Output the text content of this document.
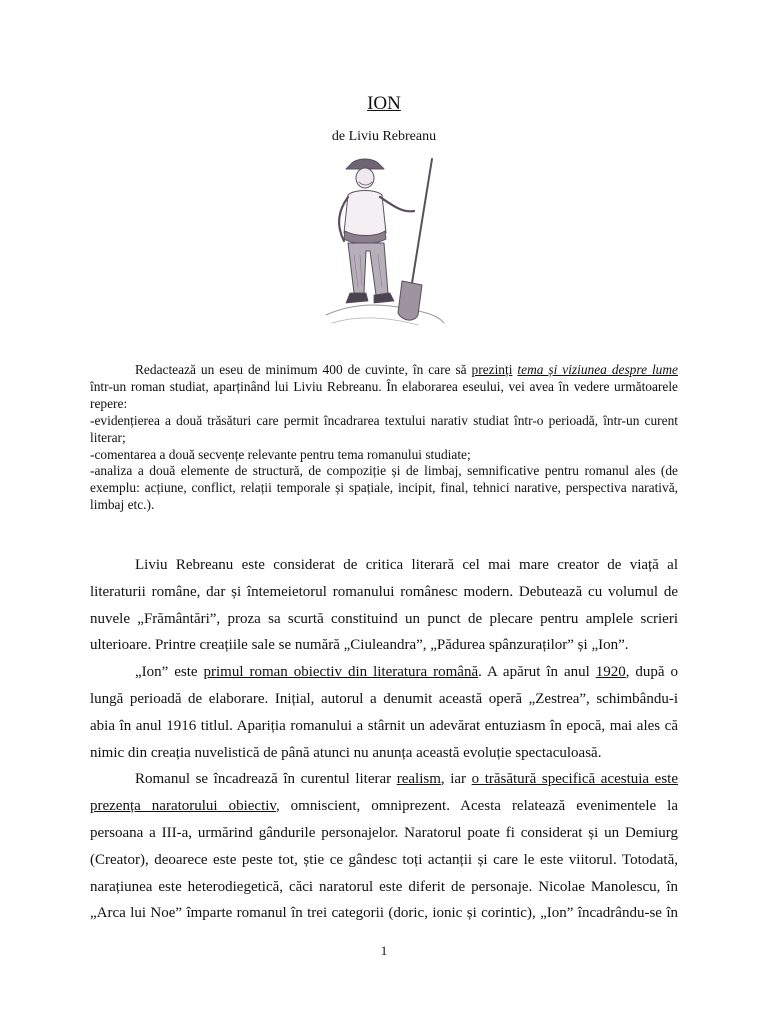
ION
de Liviu Rebreanu

Redactează un eseu de minimum 400 de cuvinte, în care să prezinți tema și viziunea despre lume într-un roman studiat, aparținând lui Liviu Rebreanu. În elaborarea eseului, vei avea în vedere următoarele repere:

-evidențierea a două trăsături care permit încadrarea textului narativ studiat într-o perioadă, într-un curent literar;

-comentarea a două secvențe relevante pentru tema romanului studiate;

-analiza a două elemente de structură, de compoziție și de limbaj, semnificative pentru romanul ales (de exemplu: acțiune, conflict, relații temporale și spațiale, incipit, final, tehnici narative, perspectiva narativă, limbaj etc.).

Liviu Rebreanu este considerat de critica literară cel mai mare creator de viață al
literaturii române, dar și întemeietorul romanului românesc modern. Debutează cu volumul de
nuvele „Frământări”, proza sa scurtă constituind un punct de plecare pentru amplele scrieri
ulterioare. Printre creațiile sale se numără „Ciuleandra”, „Pădurea spânzuraților” și „Ion”.
„Ion” este primul roman obiectiv din literatura română. A apărut în anul 1920, după o
lungă perioadă de elaborare. Inițial, autorul a denumit această operă „Zestrea”, schimbându-i
abia în anul 1916 titlul. Apariția romanului a stârnit un adevărat entuziasm în epocă, mai ales că
nimic din creația nuvelistică de până atunci nu anunța această evoluție spectaculoasă.
Romanul se încadrează în curentul literar realism, iar o trăsătură specifică acestuia este
prezența naratorului obiectiv, omniscient, omniprezent. Acesta relatează evenimentele la
persoana a III-a, urmărind gândurile personajelor. Naratorul poate fi considerat și un Demiurg
(Creator), deoarece este peste tot, știe ce gândesc toți actanții și care le este viitorul. Totodată,
narațiunea este heterodiegetică, căci naratorul este diferit de personaje. Nicolae Manolescu, în
„Arca lui Noe” împarte romanul în trei categorii (doric, ionic și corintic), „Ion” încadrându-se în
1
